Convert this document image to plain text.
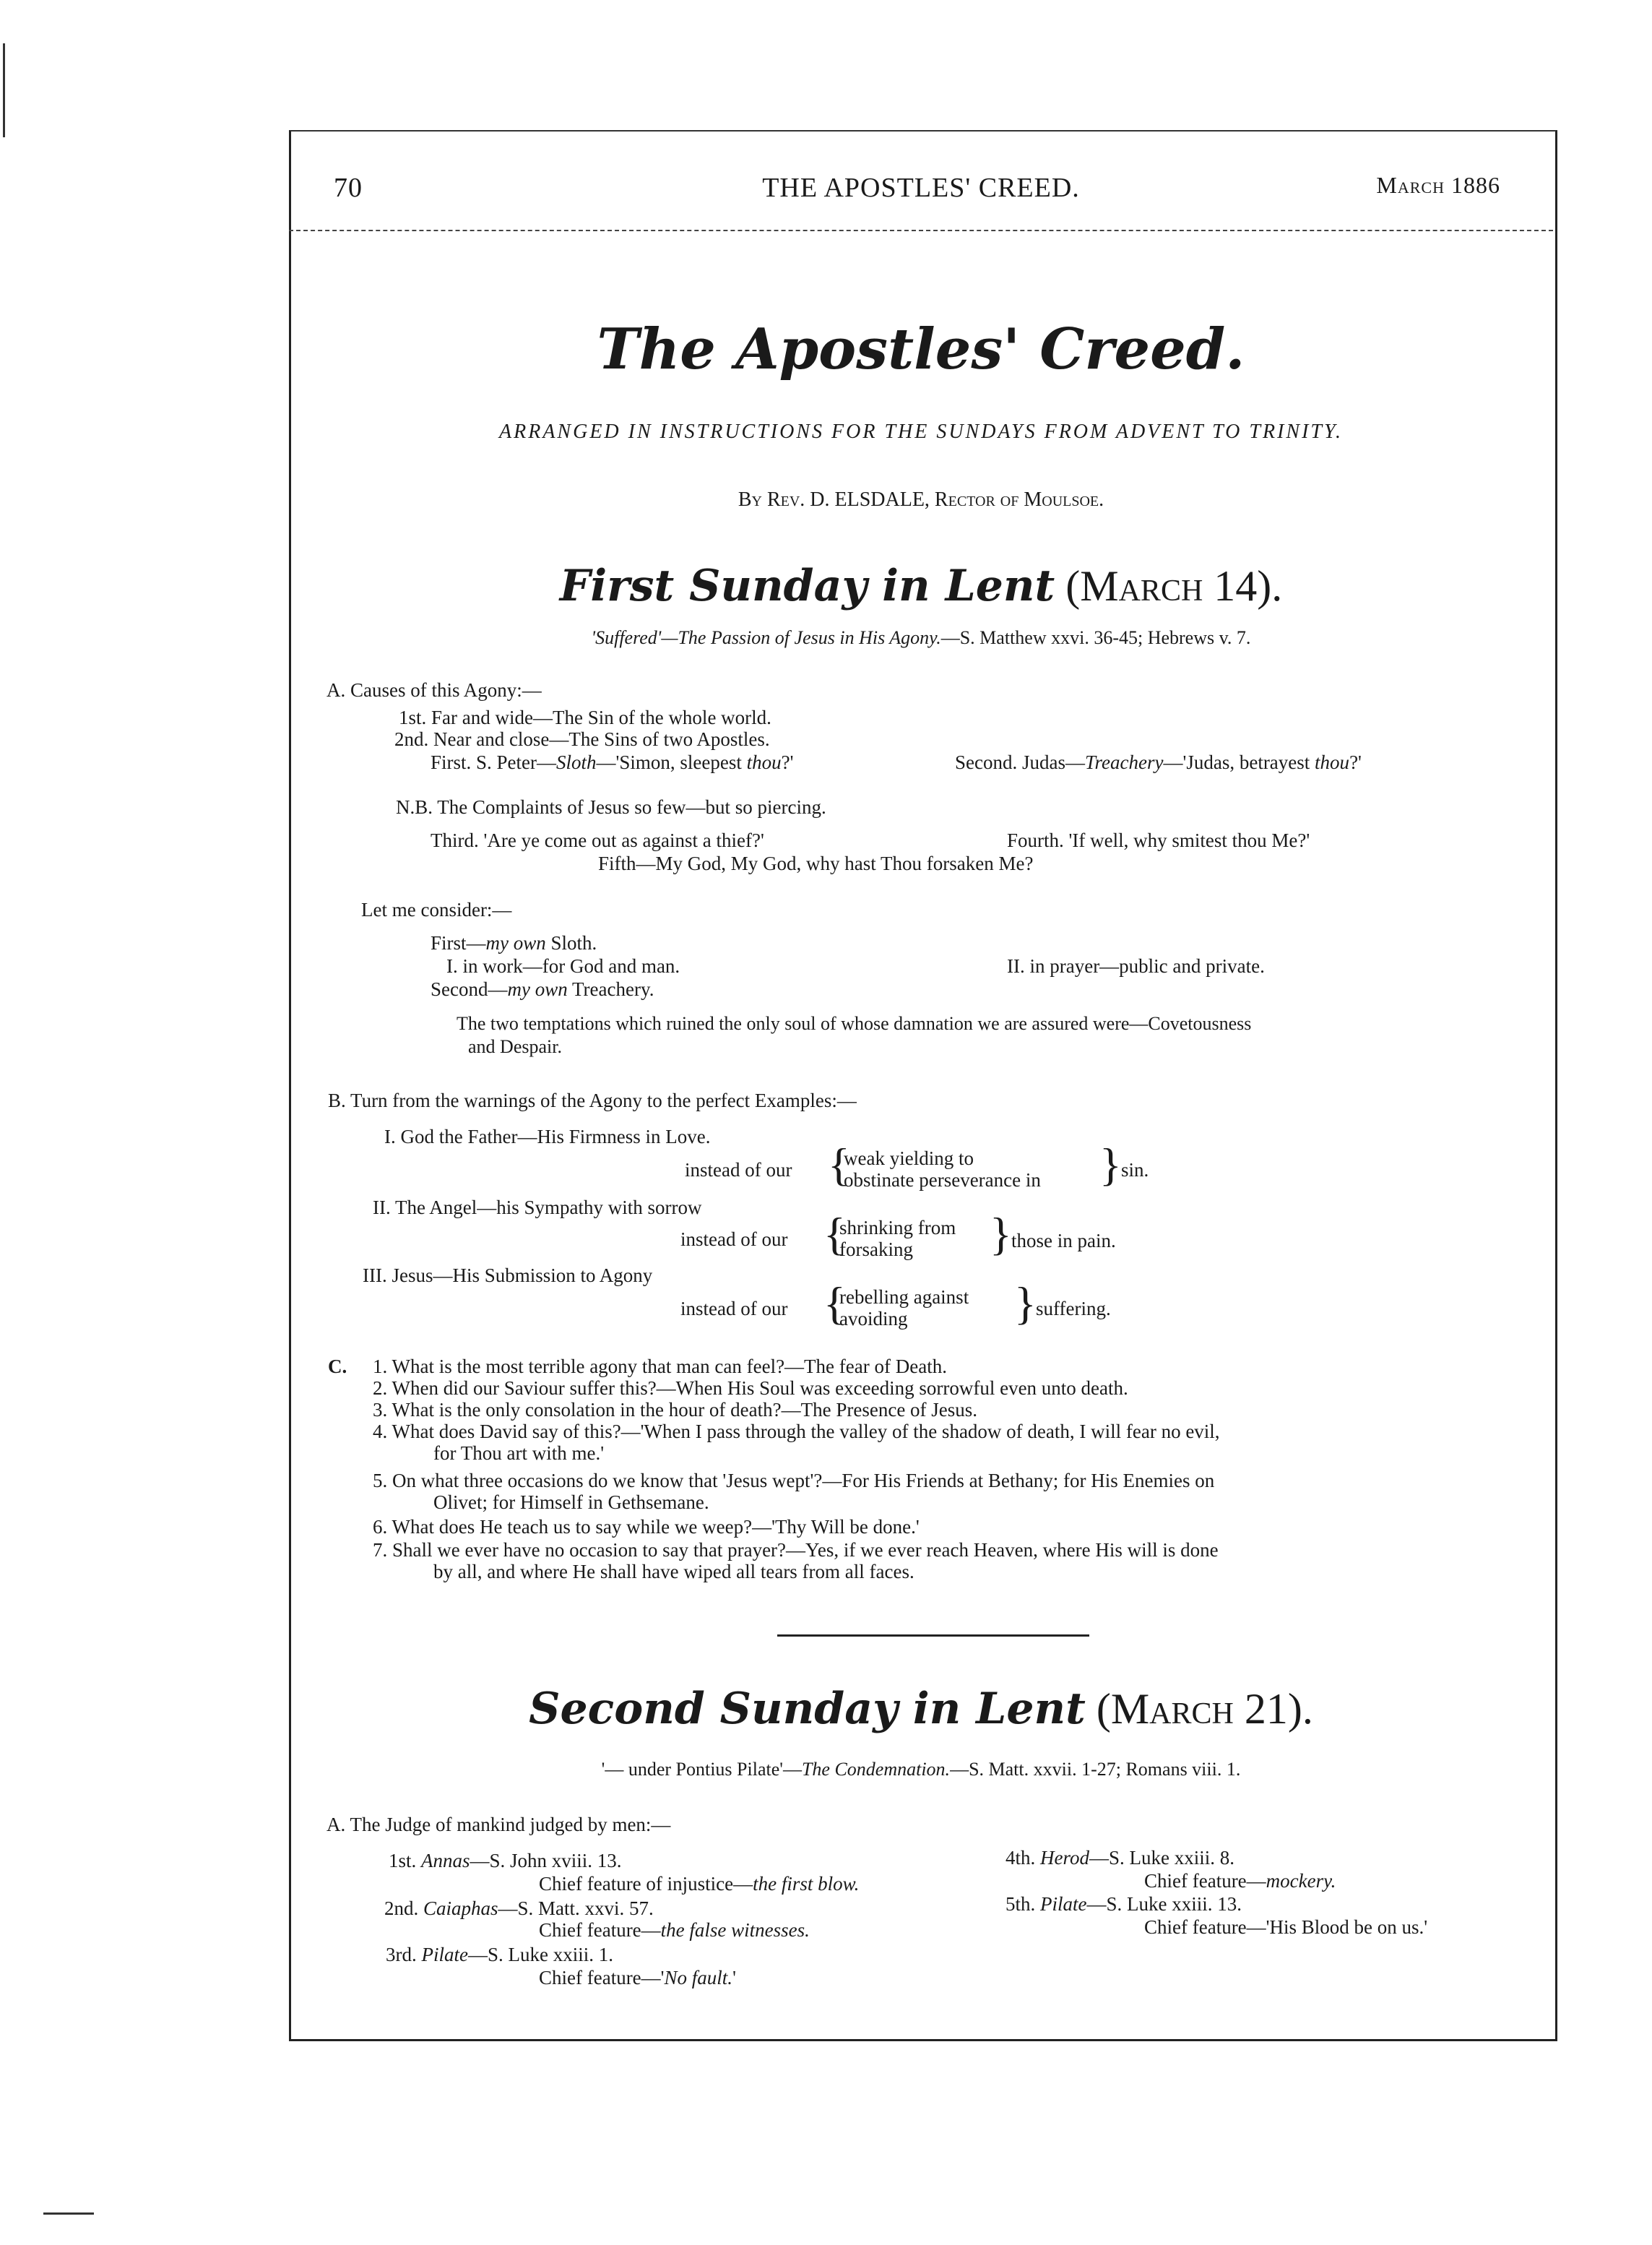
70	THE APOSTLES' CREED.	March 1886
The Apostles' Creed.
ARRANGED IN INSTRUCTIONS FOR THE SUNDAYS FROM ADVENT TO TRINITY.
By Rev. D. ELSDALE, Rector of Moulsoe.
First Sunday in Lent (March 14).
'Suffered'—The Passion of Jesus in His Agony.—S. Matthew xxvi. 36-45; Hebrews v. 7.
A. Causes of this Agony:—
1st. Far and wide—The Sin of the whole world.
2nd. Near and close—The Sins of two Apostles.
First. S. Peter—Sloth—'Simon, sleepest thou?'	Second. Judas—Treachery—'Judas, betrayest thou?'
N.B. The Complaints of Jesus so few—but so piercing.
Third. 'Are ye come out as against a thief?'	Fourth. 'If well, why smitest thou Me?'
Fifth—My God, My God, why hast Thou forsaken Me?
Let me consider:—
First—my own Sloth.
I. in work—for God and man.	II. in prayer—public and private.
Second—my own Treachery.
The two temptations which ruined the only soul of whose damnation we are assured were—Covetousness
and Despair.
B. Turn from the warnings of the Agony to the perfect Examples:—
I. God the Father—His Firmness in Love.
instead of our {
weak yielding to
obstinate perseverance in } sin.
II. The Angel—his Sympathy with sorrow
instead of our {
shrinking from
forsaking } those in pain.
III. Jesus—His Submission to Agony
instead of our {
rebelling against
avoiding } suffering.
C. 1. What is the most terrible agony that man can feel?—The fear of Death.
2. When did our Saviour suffer this?—When His Soul was exceeding sorrowful even unto death.
3. What is the only consolation in the hour of death?—The Presence of Jesus.
4. What does David say of this?—'When I pass through the valley of the shadow of death, I will fear no evil,
for Thou art with me.'
5. On what three occasions do we know that 'Jesus wept'?—For His Friends at Bethany; for His Enemies on
Olivet; for Himself in Gethsemane.
6. What does He teach us to say while we weep?—'Thy Will be done.'
7. Shall we ever have no occasion to say that prayer?—Yes, if we ever reach Heaven, where His will is done
by all, and where He shall have wiped all tears from all faces.
Second Sunday in Lent (March 21).
'— under Pontius Pilate'—The Condemnation.—S. Matt. xxvii. 1-27; Romans viii. 1.
A. The Judge of mankind judged by men:—
1st. Annas—S. John xviii. 13.
Chief feature of injustice—the first blow.
2nd. Caiaphas—S. Matt. xxvi. 57.
Chief feature—the false witnesses.
3rd. Pilate—S. Luke xxiii. 1.
Chief feature—'No fault.'
4th. Herod—S. Luke xxiii. 8.
Chief feature—mockery.
5th. Pilate—S. Luke xxiii. 13.
Chief feature—'His Blood be on us.'
